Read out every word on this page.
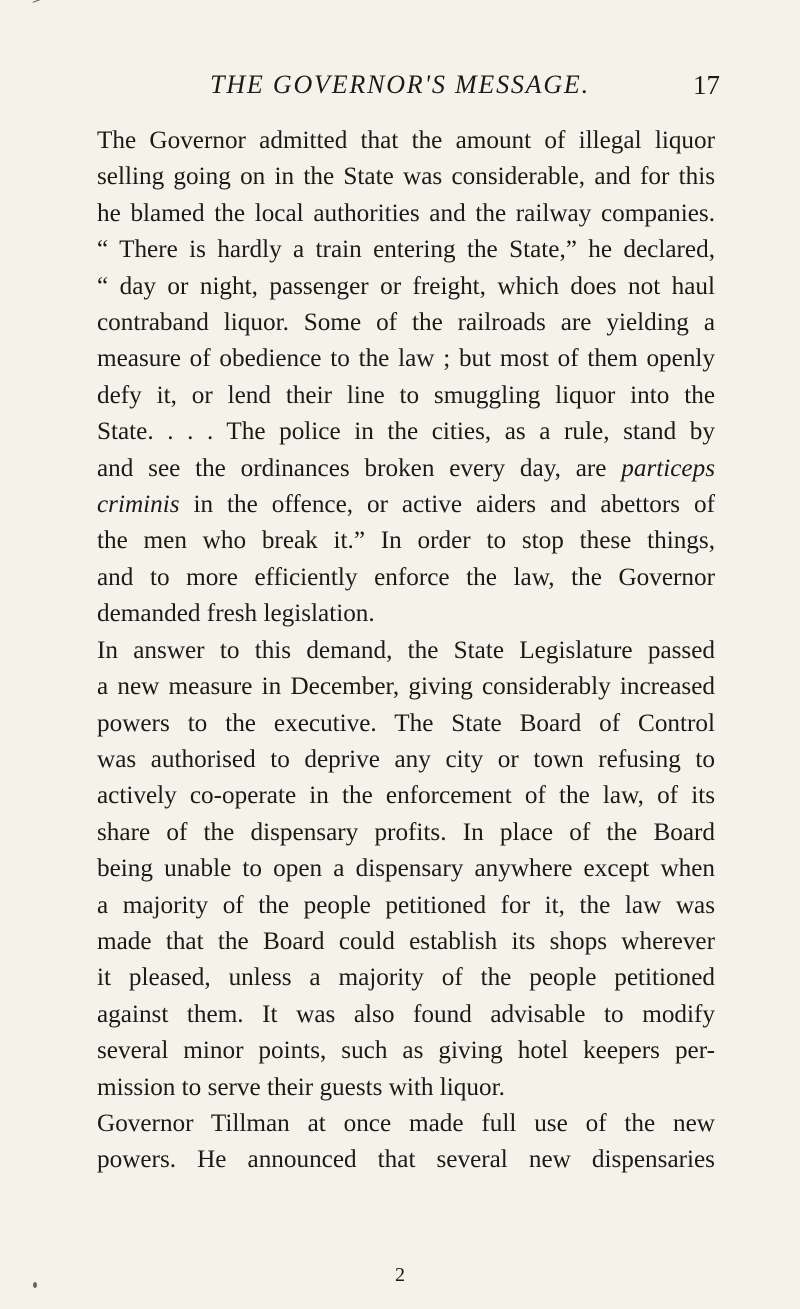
THE GOVERNOR'S MESSAGE.	17
The Governor admitted that the amount of illegal liquor
selling going on in the State was considerable, and for this
he blamed the local authorities and the railway companies.
“ There is hardly a train entering the State,” he declared,
“ day or night, passenger or freight, which does not haul
contraband liquor. Some of the railroads are yielding a
measure of obedience to the law ; but most of them openly
defy it, or lend their line to smuggling liquor into the
State. . . . The police in the cities, as a rule, stand by
and see the ordinances broken every day, are particeps
criminis in the offence, or active aiders and abettors of
the men who break it.” In order to stop these things,
and to more efficiently enforce the law, the Governor
demanded fresh legislation.
In answer to this demand, the State Legislature passed
a new measure in December, giving considerably increased
powers to the executive. The State Board of Control
was authorised to deprive any city or town refusing to
actively co-operate in the enforcement of the law, of its
share of the dispensary profits. In place of the Board
being unable to open a dispensary anywhere except when
a majority of the people petitioned for it, the law was
made that the Board could establish its shops wherever
it pleased, unless a majority of the people petitioned
against them. It was also found advisable to modify
several minor points, such as giving hotel keepers per-
mission to serve their guests with liquor.
Governor Tillman at once made full use of the new
powers. He announced that several new dispensaries
2
